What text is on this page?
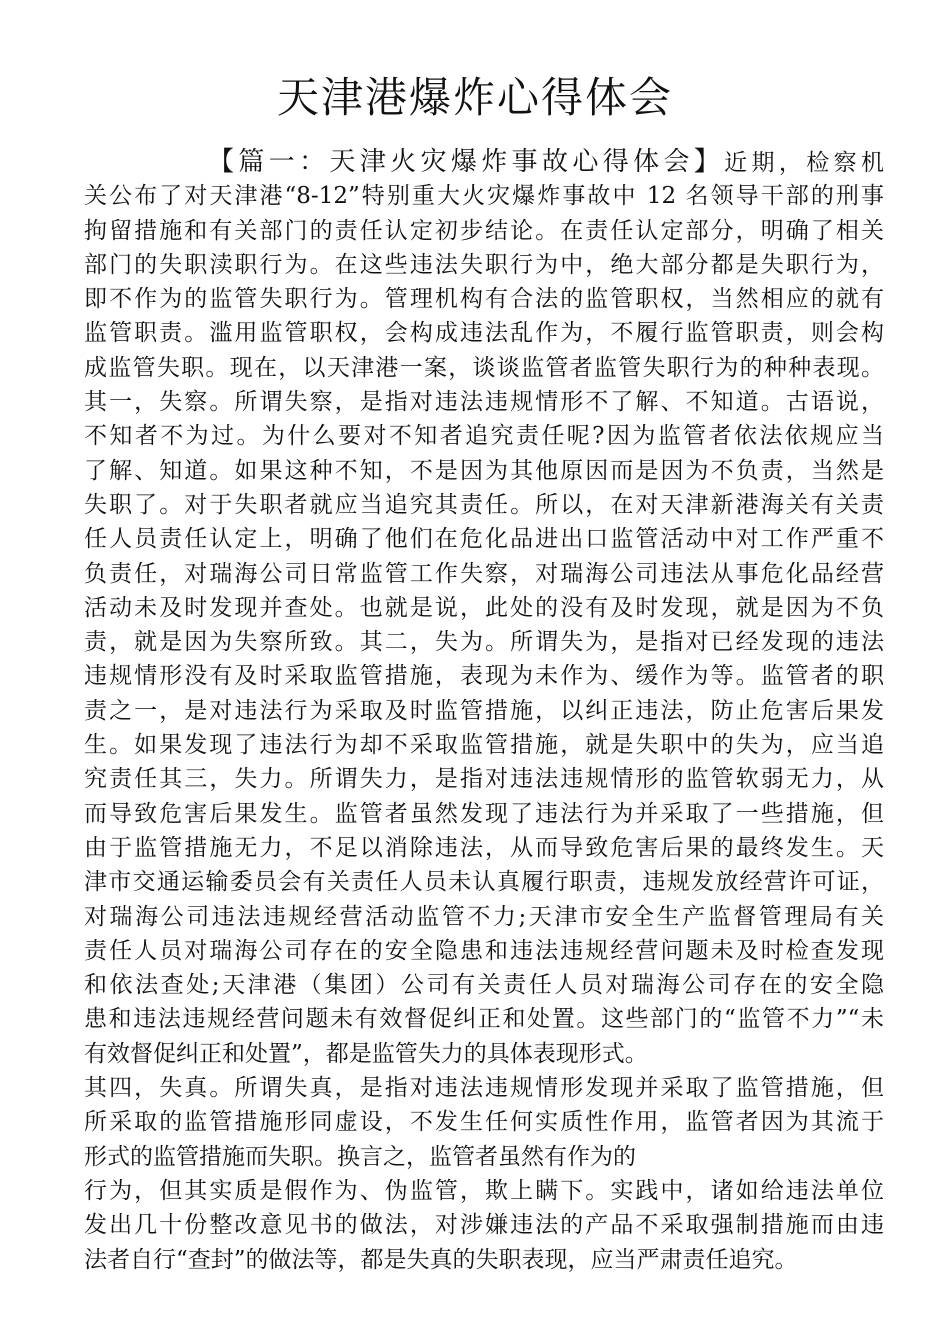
天津港爆炸心得体会
【篇一：天津火灾爆炸事故心得体会】近期，检察机
关公布了对天津港“8-12”特别重大火灾爆炸事故中 12 名领导干部的刑事
拘留措施和有关部门的责任认定初步结论。在责任认定部分，明确了相关
部门的失职渎职行为。在这些违法失职行为中，绝大部分都是失职行为，
即不作为的监管失职行为。管理机构有合法的监管职权，当然相应的就有
监管职责。滥用监管职权，会构成违法乱作为，不履行监管职责，则会构
成监管失职。现在，以天津港一案，谈谈监管者监管失职行为的种种表现。
其一，失察。所谓失察，是指对违法违规情形不了解、不知道。古语说，
不知者不为过。为什么要对不知者追究责任呢?因为监管者依法依规应当
了解、知道。如果这种不知，不是因为其他原因而是因为不负责，当然是
失职了。对于失职者就应当追究其责任。所以，在对天津新港海关有关责
任人员责任认定上，明确了他们在危化品进出口监管活动中对工作严重不
负责任，对瑞海公司日常监管工作失察，对瑞海公司违法从事危化品经营
活动未及时发现并查处。也就是说，此处的没有及时发现，就是因为不负
责，就是因为失察所致。其二，失为。所谓失为，是指对已经发现的违法
违规情形没有及时采取监管措施，表现为未作为、缓作为等。监管者的职
责之一，是对违法行为采取及时监管措施，以纠正违法，防止危害后果发
生。如果发现了违法行为却不采取监管措施，就是失职中的失为，应当追
究责任其三，失力。所谓失力，是指对违法违规情形的监管软弱无力，从
而导致危害后果发生。监管者虽然发现了违法行为并采取了一些措施，但
由于监管措施无力，不足以消除违法，从而导致危害后果的最终发生。天
津市交通运输委员会有关责任人员未认真履行职责，违规发放经营许可证，
对瑞海公司违法违规经营活动监管不力;天津市安全生产监督管理局有关
责任人员对瑞海公司存在的安全隐患和违法违规经营问题未及时检查发现
和依法查处;天津港（集团）公司有关责任人员对瑞海公司存在的安全隐
患和违法违规经营问题未有效督促纠正和处置。这些部门的“监管不力”“未
有效督促纠正和处置”，都是监管失力的具体表现形式。
其四，失真。所谓失真，是指对违法违规情形发现并采取了监管措施，但
所采取的监管措施形同虚设，不发生任何实质性作用，监管者因为其流于
形式的监管措施而失职。换言之，监管者虽然有作为的
行为，但其实质是假作为、伪监管，欺上瞒下。实践中，诸如给违法单位
发出几十份整改意见书的做法，对涉嫌违法的产品不采取强制措施而由违
法者自行“查封”的做法等，都是失真的失职表现，应当严肃责任追究。
